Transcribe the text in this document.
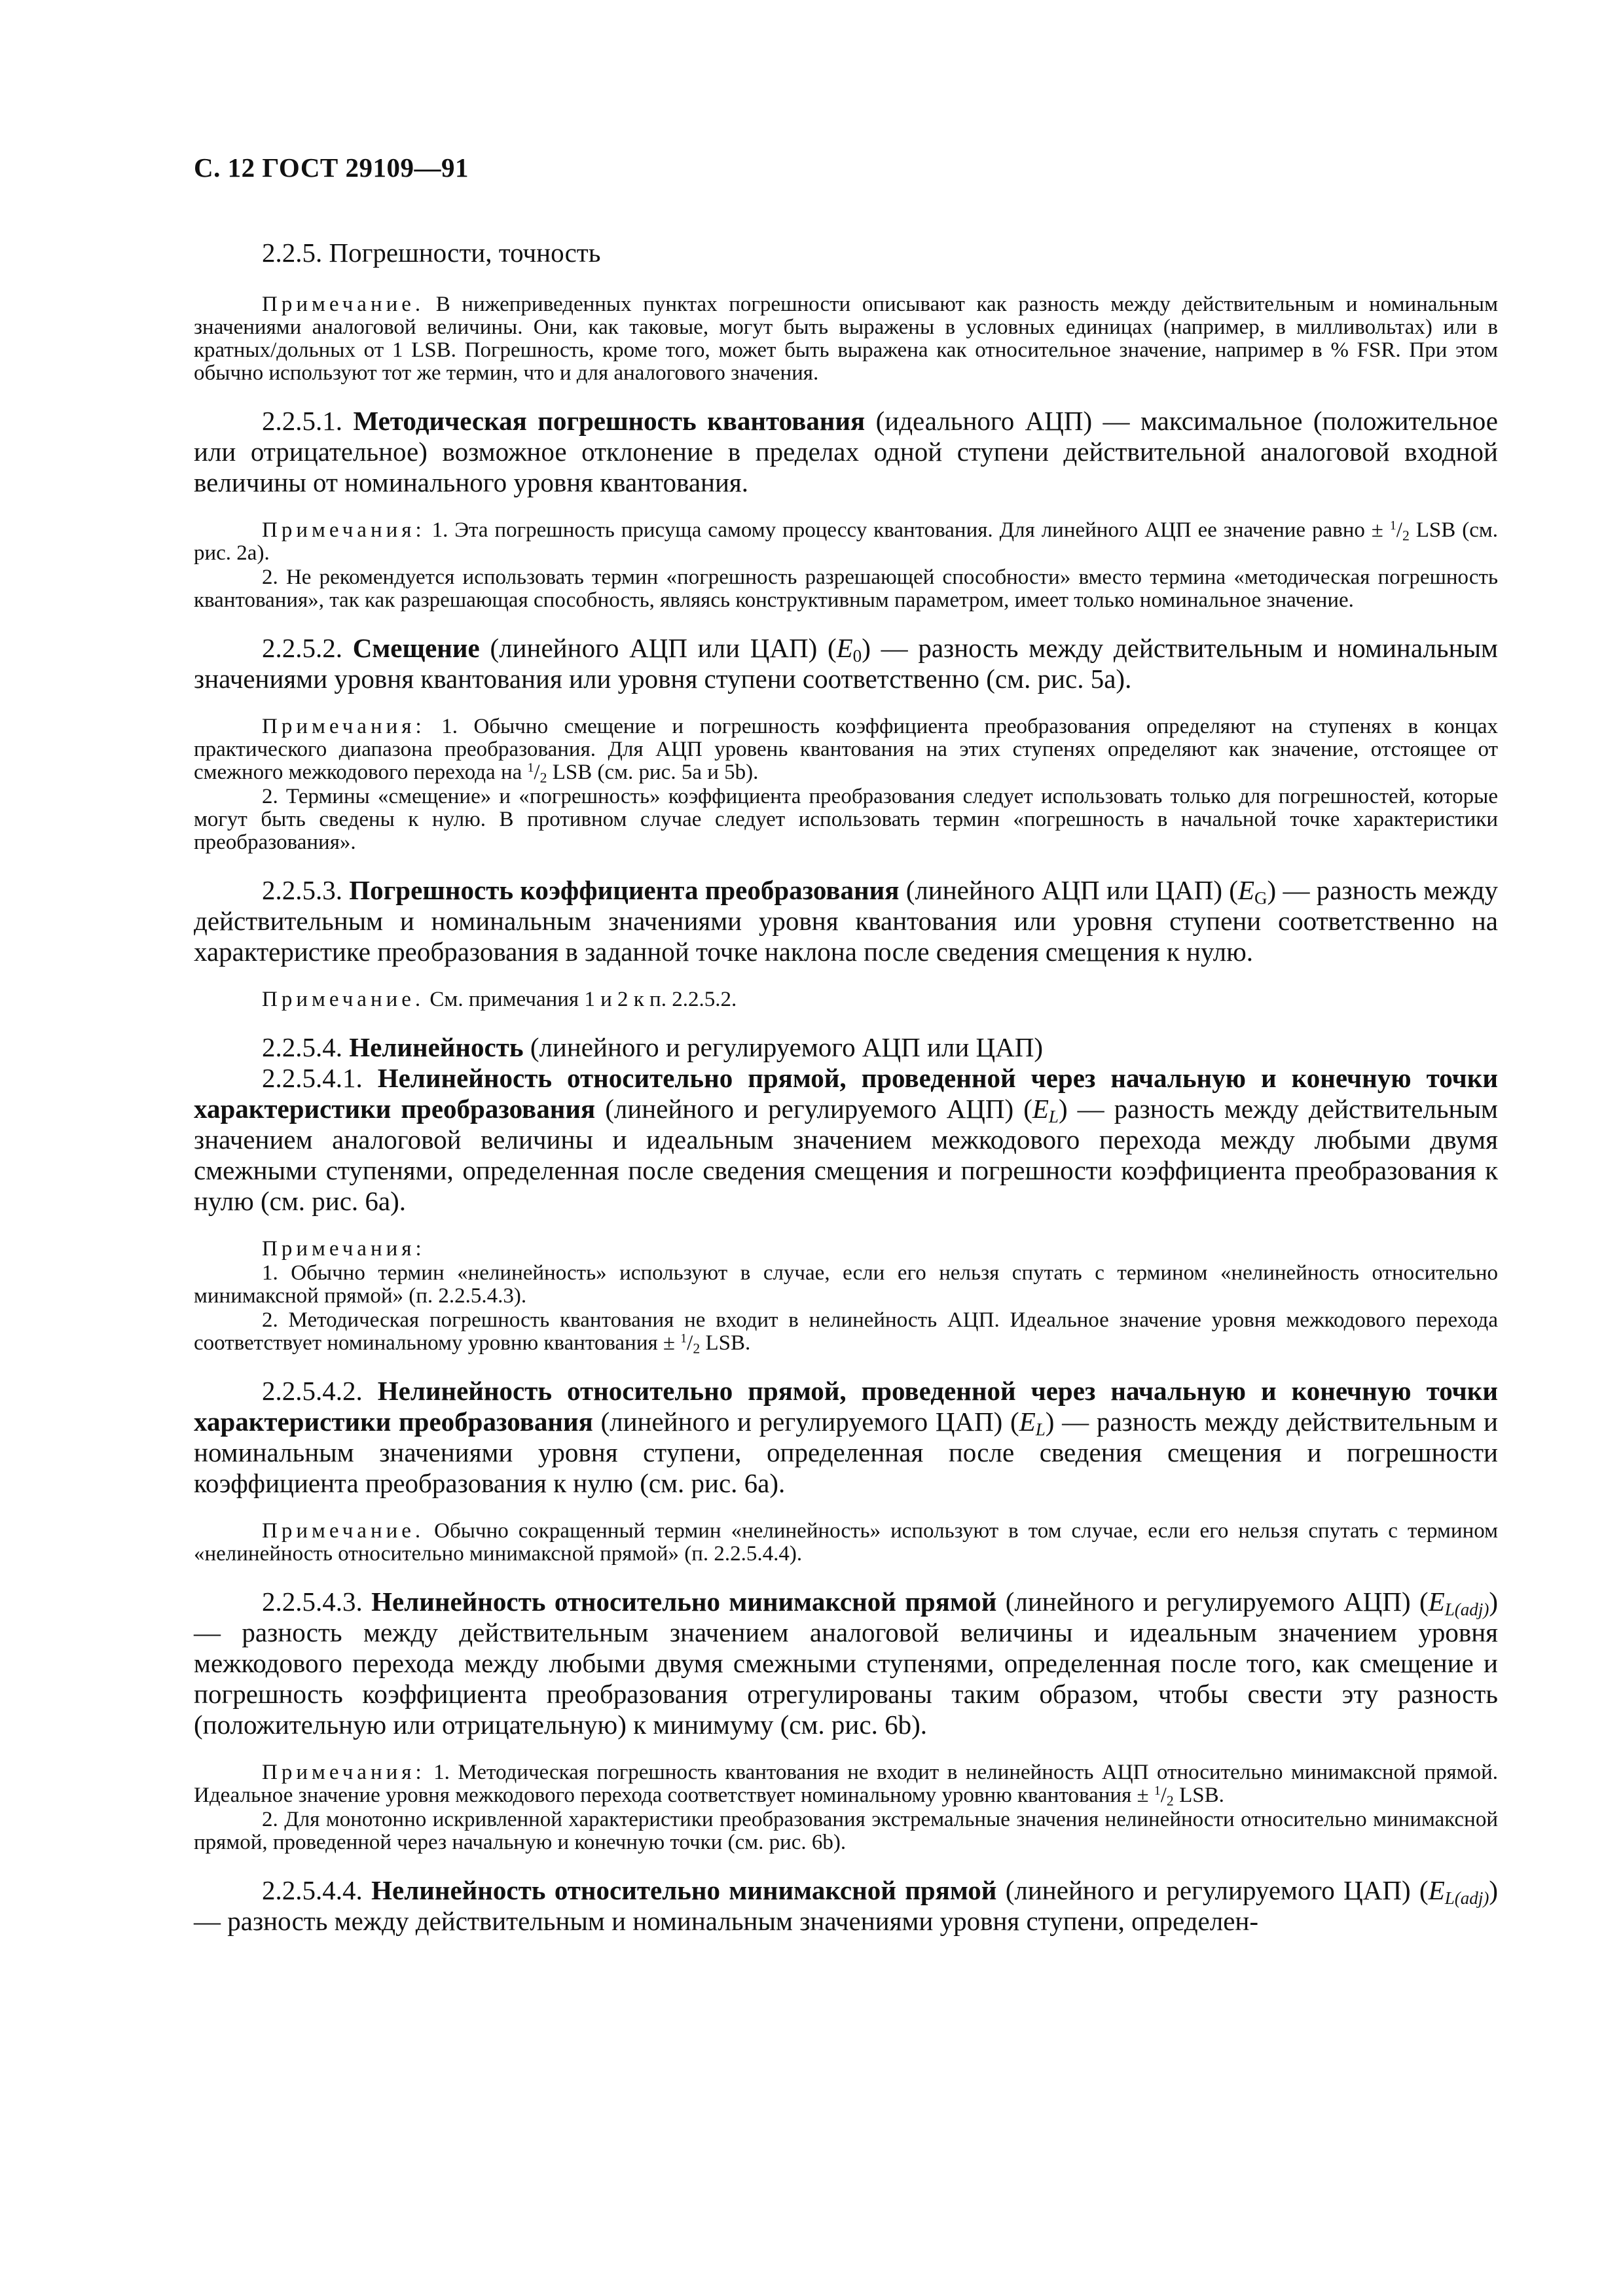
С. 12 ГОСТ 29109—91
2.2.5. Погрешности, точность

Примечание. В нижеприведенных пунктах погрешности описывают как разность между действительным и номинальным значениями аналоговой величины. Они, как таковые, могут быть выражены в условных единицах (например, в милливольтах) или в кратных/дольных от 1 LSB. Погрешность, кроме того, может быть выражена как относительное значение, например в % FSR. При этом обычно используют тот же термин, что и для аналогового значения.

2.2.5.1. Методическая погрешность квантования (идеального АЦП) — максимальное (положительное или отрицательное) возможное отклонение в пределах одной ступени действительной аналоговой входной величины от номинального уровня квантования.

Примечания: 1. Эта погрешность присуща самому процессу квантования. Для линейного АЦП ее значение равно ± $^1/_2$ LSB (см. рис. 2а).

2. Не рекомендуется использовать термин «погрешность разрешающей способности» вместо термина «методическая погрешность квантования», так как разрешающая способность, являясь конструктивным параметром, имеет только номинальное значение.

2.2.5.2. Смещение (линейного АЦП или ЦАП) $(E_0)$ — разность между действительным и номинальным значениями уровня квантования или уровня ступени соответственно (см. рис. 5а).

Примечания: 1. Обычно смещение и погрешность коэффициента преобразования определяют на ступенях в концах практического диапазона преобразования. Для АЦП уровень квантования на этих ступенях определяют как значение, отстоящее от смежного межкодового перехода на $^1/_2$ LSB (см. рис. 5а и 5b).

2. Термины «смещение» и «погрешность» коэффициента преобразования следует использовать только для погрешностей, которые могут быть сведены к нулю. В противном случае следует использовать термин «погрешность в начальной точке характеристики преобразования».

2.2.5.3. Погрешность коэффициента преобразования (линейного АЦП или ЦАП) $(E_G)$ — разность между действительным и номинальным значениями уровня квантования или уровня ступени соответственно на характеристике преобразования в заданной точке наклона после сведения смещения к нулю.

Примечание. См. примечания 1 и 2 к п. 2.2.5.2.

2.2.5.4. Нелинейность (линейного и регулируемого АЦП или ЦАП)

2.2.5.4.1. Нелинейность относительно прямой, проведенной через начальную и конечную точки характеристики преобразования (линейного и регулируемого АЦП) $(E_L)$ — разность между действительным значением аналоговой величины и идеальным значением межкодового перехода между любыми двумя смежными ступенями, определенная после сведения смещения и погрешности коэффициента преобразования к нулю (см. рис. 6а).

Примечания:

1. Обычно термин «нелинейность» используют в случае, если его нельзя спутать с термином «нелинейность относительно минимаксной прямой» (п. 2.2.5.4.3).

2. Методическая погрешность квантования не входит в нелинейность АЦП. Идеальное значение уровня межкодового перехода соответствует номинальному уровню квантования ± $^1/_2$ LSB.

2.2.5.4.2. Нелинейность относительно прямой, проведенной через начальную и конечную точки характеристики преобразования (линейного и регулируемого ЦАП) $(E_L)$ — разность между действительным и номинальным значениями уровня ступени, определенная после сведения смещения и погрешности коэффициента преобразования к нулю (см. рис. 6а).

Примечание. Обычно сокращенный термин «нелинейность» используют в том случае, если его нельзя спутать с термином «нелинейность относительно минимаксной прямой» (п. 2.2.5.4.4).

2.2.5.4.3. Нелинейность относительно минимаксной прямой (линейного и регулируемого АЦП) $(E_{L(adj)})$ — разность между действительным значением аналоговой величины и идеальным значением уровня межкодового перехода между любыми двумя смежными ступенями, определенная после того, как смещение и погрешность коэффициента преобразования отрегулированы таким образом, чтобы свести эту разность (положительную или отрицательную) к минимуму (см. рис. 6b).

Примечания: 1. Методическая погрешность квантования не входит в нелинейность АЦП относительно минимаксной прямой. Идеальное значение уровня межкодового перехода соответствует номинальному уровню квантования ± $^1/_2$ LSB.

2. Для монотонно искривленной характеристики преобразования экстремальные значения нелинейности относительно минимаксной прямой, проведенной через начальную и конечную точки (см. рис. 6b).

2.2.5.4.4. Нелинейность относительно минимаксной прямой (линейного и регулируемого ЦАП) $(E_{L(adj)})$ — разность между действительным и номинальным значениями уровня ступени, определен-
